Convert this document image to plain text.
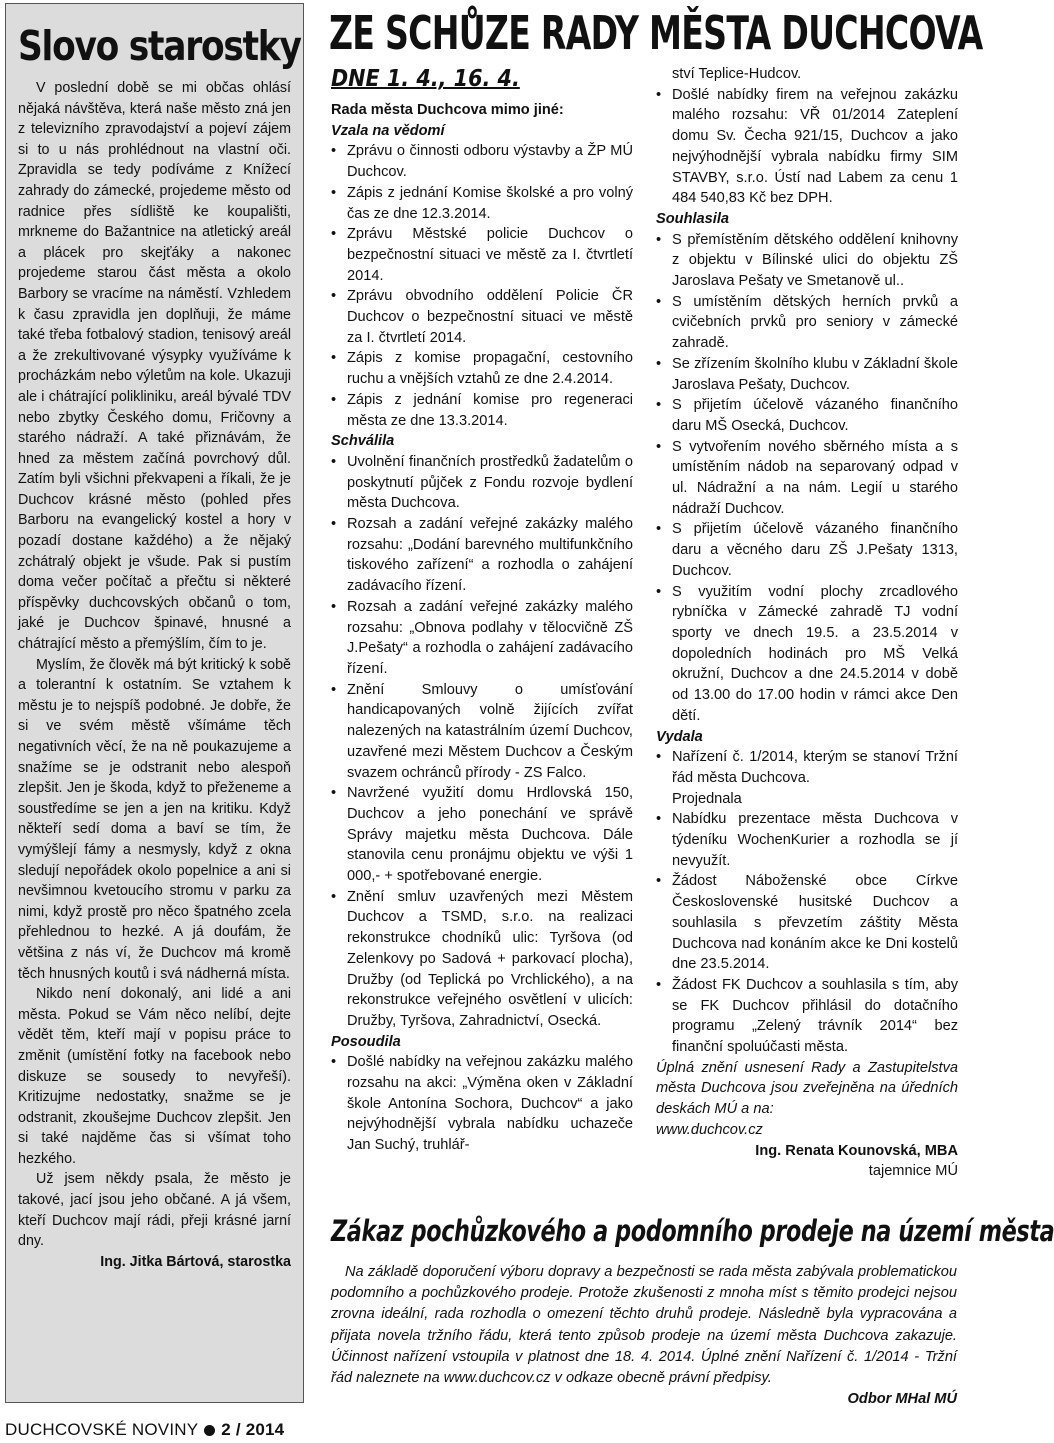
Slovo starostky

V poslední době se mi občas ohlásí nějaká návštěva, která naše město zná jen z televizního zpravodajství a pojeví zájem si to u nás prohlédnout na vlastní oči. Zpravidla se tedy podíváme z Knížecí zahrady do zámecké, projedeme město od radnice přes sídliště ke koupališti, mrkneme do Bažantnice na atletický areál a plácek pro skejťáky a nakonec projedeme starou část města a okolo Barbory se vracíme na náměstí. Vzhledem k času zpravidla jen doplňuji, že máme také třeba fotbalový stadion, tenisový areál a že zrekultivované výsypky využíváme k procházkám nebo výletům na kole. Ukazuji ale i chátrající polikliniku, areál bývalé TDV nebo zbytky Českého domu, Fričovny a starého nádraží. A také přiznávám, že hned za městem začíná povrchový důl. Zatím byli všichni překvapeni a říkali, že je Duchcov krásné město (pohled přes Barboru na evangelický kostel a hory v pozadí dostane každého) a že nějaký zchátralý objekt je všude. Pak si pustím doma večer počítač a přečtu si některé příspěvky duchcovských občanů o tom, jaké je Duchcov špinavé, hnusné a chátrající město a přemýšlím, čím to je.

Myslím, že člověk má být kritický k sobě a tolerantní k ostatním. Se vztahem k městu je to nejspíš podobné. Je dobře, že si ve svém městě všímáme těch negativních věcí, že na ně poukazujeme a snažíme se je odstranit nebo alespoň zlepšit. Jen je škoda, když to přeženeme a soustředíme se jen a jen na kritiku. Když někteří sedí doma a baví se tím, že vymýšlejí fámy a nesmysly, když z okna sledují nepořádek okolo popelnice a ani si nevšimnou kvetoucího stromu v parku za nimi, když prostě pro něco špatného zcela přehlednou to hezké. A já doufám, že většina z nás ví, že Duchcov má kromě těch hnusných koutů i svá nádherná místa.

Nikdo není dokonalý, ani lidé a ani města. Pokud se Vám něco nelíbí, dejte vědět těm, kteří mají v popisu práce to změnit (umístění fotky na facebook nebo diskuze se sousedy to nevyřeší). Kritizujme nedostatky, snažme se je odstranit, zkoušejme Duchcov zlepšit. Jen si také najděme čas si všímat toho hezkého.

Už jsem někdy psala, že město je takové, jací jsou jeho občané. A já všem, kteří Duchcov mají rádi, přeji krásné jarní dny.

Ing. Jitka Bártová, starostka

DUCHCOVSKÉ NOVINY 2 / 2014
ZE SCHŮZE RADY MĚSTA DUCHCOVA
DNE 1. 4., 16. 4.

Rada města Duchcova mimo jiné:

Vzala na vědomí

• Zprávu o činnosti odboru výstavby a ŽP MÚ Duchcov.
• Zápis z jednání Komise školské a pro volný čas ze dne 12.3.2014.
• Zprávu Městské policie Duchcov o bezpečnostní situaci ve městě za I. čtvrtletí 2014.
• Zprávu obvodního oddělení Policie ČR Duchcov o bezpečnostní situaci ve městě za I. čtvrtletí 2014.
• Zápis z komise propagační, cestovního ruchu a vnějších vztahů ze dne 2.4.2014.
• Zápis z jednání komise pro regeneraci města ze dne 13.3.2014.

Schválila

• Uvolnění finančních prostředků žadatelům o poskytnutí půjček z Fondu rozvoje bydlení města Duchcova.
• Rozsah a zadání veřejné zakázky malého rozsahu: „Dodání barevného multifunkčního tiskového zařízení“ a rozhodla o zahájení zadávacího řízení.
• Rozsah a zadání veřejné zakázky malého rozsahu: „Obnova podlahy v tělocvičně ZŠ J.Pešaty“ a rozhodla o zahájení zadávacího řízení.
• Znění Smlouvy o umísťování handicapovaných volně žijících zvířat nalezených na katastrálním území Duchcov, uzavřené mezi Městem Duchcov a Českým svazem ochránců přírody - ZS Falco.
• Navržené využití domu Hrdlovská 150, Duchcov a jeho ponechání ve správě Správy majetku města Duchcova. Dále stanovila cenu pronájmu objektu ve výši 1 000,- + spotřebované energie.
• Znění smluv uzavřených mezi Městem Duchcov a TSMD, s.r.o. na realizaci rekonstrukce chodníků ulic: Tyršova (od Zelenkovy po Sadová + parkovací plocha), Družby (od Teplická po Vrchlického), a na rekonstrukce veřejného osvětlení v ulicích: Družby, Tyršova, Zahradnictví, Osecká.

Posoudila

• Došlé nabídky na veřejnou zakázku malého rozsahu na akci: „Výměna oken v Základní škole Antonína Sochora, Duchcov“ a jako nejvýhodnější vybrala nabídku uchazeče Jan Suchý, truhlář-
ství Teplice-Hudcov.
• Došlé nabídky firem na veřejnou zakázku malého rozsahu: VŘ 01/2014 Zateplení domu Sv. Čecha 921/15, Duchcov a jako nejvýhodnější vybrala nabídku firmy SIM STAVBY, s.r.o. Ústí nad Labem za cenu 1 484 540,83 Kč bez DPH.

Souhlasila

• S přemístěním dětského oddělení knihovny z objektu v Bílinské ulici do objektu ZŠ Jaroslava Pešaty ve Smetanově ul..
• S umístěním dětských herních prvků a cvičebních prvků pro seniory v zámecké zahradě.
• Se zřízením školního klubu v Základní škole Jaroslava Pešaty, Duchcov.
• S přijetím účelově vázaného finančního daru MŠ Osecká, Duchcov.
• S vytvořením nového sběrného místa a s umístěním nádob na separovaný odpad v ul. Nádražní a na nám. Legií u starého nádraží Duchcov.
• S přijetím účelově vázaného finančního daru a věcného daru ZŠ J.Pešaty 1313, Duchcov.
• S využitím vodní plochy zrcadlového rybníčka v Zámecké zahradě TJ vodní sporty ve dnech 19.5. a 23.5.2014 v dopoledních hodinách pro MŠ Velká okružní, Duchcov a dne 24.5.2014 v době od 13.00 do 17.00 hodin v rámci akce Den dětí.

Vydala

• Nařízení č. 1/2014, kterým se stanoví Tržní řád města Duchcova.
Projednala
• Nabídku prezentace města Duchcova v týdeníku WochenKurier a rozhodla se jí nevyužít.
• Žádost Náboženské obce Církve Československé husitské Duchcov a souhlasila s převzetím záštity Města Duchcova nad konáním akce ke Dni kostelů dne 23.5.2014.
• Žádost FK Duchcov a souhlasila s tím, aby se FK Duchcov přihlásil do dotačního programu „Zelený trávník 2014“ bez finanční spoluúčasti města.

Úplná znění usnesení Rady a Zastupitelstva města Duchcova jsou zveřejněna na úředních deskách MÚ a na:

www.duchcov.cz

Ing. Renata Kounovská, MBA

tajemnice MÚ

Zákaz pochůzkového a podomního prodeje na území města

Na základě doporučení výboru dopravy a bezpečnosti se rada města zabývala problematickou podomního a pochůzkového prodeje. Protože zkušenosti z mnoha míst s těmito prodejci nejsou zrovna ideální, rada rozhodla o omezení těchto druhů prodeje. Následně byla vypracována a přijata novela tržního řádu, která tento způsob prodeje na území města Duchcova zakazuje. Účinnost nařízení vstoupila v platnost dne 18. 4. 2014. Úplné znění Nařízení č. 1/2014 - Tržní řád naleznete na www.duchcov.cz v odkaze obecně právní předpisy.

Odbor MHal MÚ
